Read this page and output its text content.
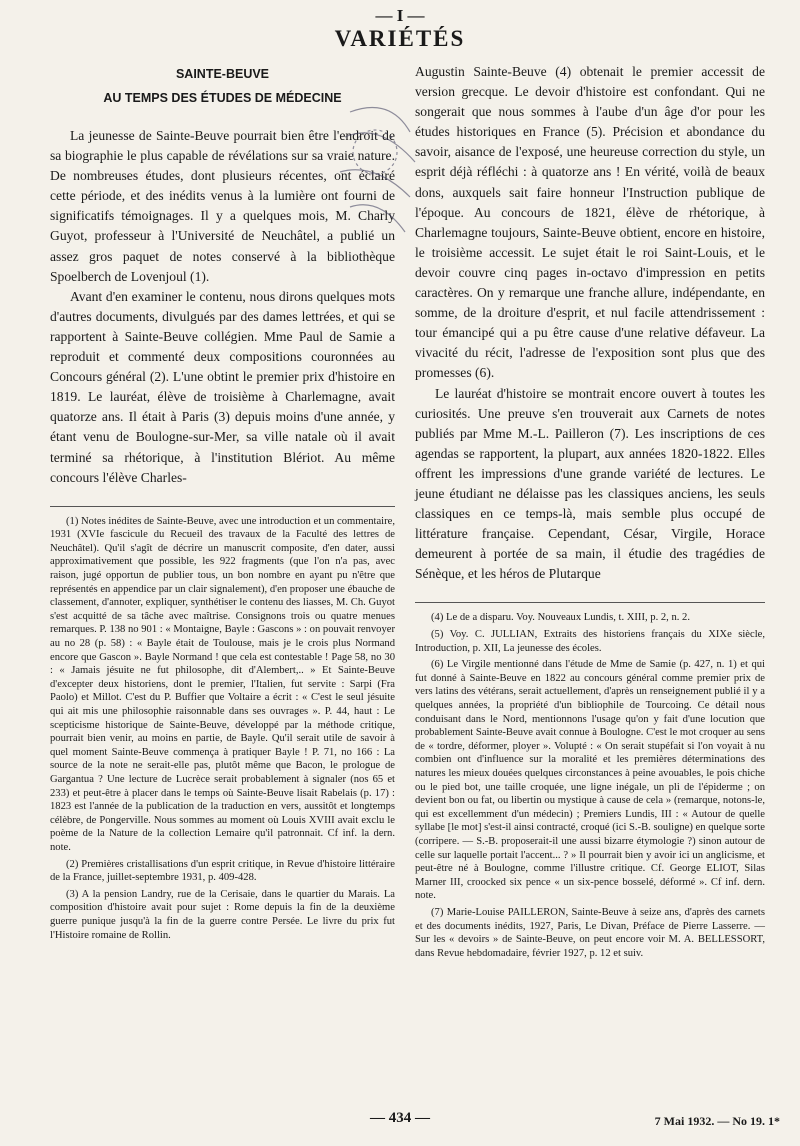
— I —
VARIÉTÉS
SAINTE-BEUVE
AU TEMPS DES ÉTUDES DE MÉDECINE

La jeunesse de Sainte-Beuve pourrait bien être l'endroit de sa biographie le plus capable de révélations sur sa vraie nature. De nombreuses études, dont plusieurs récentes, ont éclairé cette période, et des inédits venus à la lumière ont fourni de significatifs témoignages. Il y a quelques mois, M. Charly Guyot, professeur à l'Université de Neuchâtel, a publié un assez gros paquet de notes conservé à la bibliothèque Spoelberch de Lovenjoul (1).

Avant d'en examiner le contenu, nous dirons quelques mots d'autres documents, divulgués par des dames lettrées, et qui se rapportent à Sainte-Beuve collégien. Mme Paul de Samie a reproduit et commenté deux compositions couronnées au Concours général (2). L'une obtint le premier prix d'histoire en 1819. Le lauréat, élève de troisième à Charlemagne, avait quatorze ans. Il était à Paris (3) depuis moins d'une année, y étant venu de Boulogne-sur-Mer, sa ville natale où il avait terminé sa rhétorique, à l'institution Blériot. Au même concours l'élève Charles-

(1) Notes inédites de Sainte-Beuve, avec une introduction et un commentaire, 1931 (XVIe fascicule du Recueil des travaux de la Faculté des lettres de Neuchâtel). Qu'il s'agît de décrire un manuscrit composite, d'en dater, aussi approximativement que possible, les 922 fragments (que l'on n'a pas, avec raison, jugé opportun de publier tous, un bon nombre en ayant pu n'être que représentés en appendice par un clair signalement), d'en proposer une ébauche de classement, d'annoter, expliquer, synthétiser le contenu des liasses, M. Ch. Guyot s'est acquitté de sa tâche avec maîtrise. Consignons trois ou quatre menues remarques. P. 138 no 901 : « Montaigne, Bayle : Gascons » : on pouvait renvoyer au no 28 (p. 58) : « Bayle était de Toulouse, mais je le crois plus Normand encore que Gascon ». Bayle Normand ! que cela est contestable ! Page 58, no 30 : « Jamais jésuite ne fut philosophe, dit d'Alembert,.. » Et Sainte-Beuve d'excepter deux historiens, dont le premier, l'Italien, fut servite : Sarpi (Fra Paolo) et Millot. C'est du P. Buffier que Voltaire a écrit : « C'est le seul jésuite qui ait mis une philosophie raisonnable dans ses ouvrages ». P. 44, haut : Le scepticisme historique de Sainte-Beuve, développé par la méthode critique, pourrait bien venir, au moins en partie, de Bayle. Qu'il serait utile de savoir à quel moment Sainte-Beuve commença à pratiquer Bayle ! P. 71, no 166 : La source de la note ne serait-elle pas, plutôt même que Bacon, le prologue de Gargantua ? Une lecture de Lucrèce serait probablement à signaler (nos 65 et 233) et peut-être à placer dans le temps où Sainte-Beuve lisait Rabelais (p. 17) : 1823 est l'année de la publication de la traduction en vers, aussitôt et longtemps célèbre, de Pongerville. Nous sommes au moment où Louis XVIII avait exclu le poème de la Nature de la collection Lemaire qu'il patronnait. Cf inf. la dern. note.

(2) Premières cristallisations d'un esprit critique, in Revue d'histoire littéraire de la France, juillet-septembre 1931, p. 409-428.

(3) A la pension Landry, rue de la Cerisaie, dans le quartier du Marais. La composition d'histoire avait pour sujet : Rome depuis la fin de la deuxième guerre punique jusqu'à la fin de la guerre contre Persée. Le livre du prix fut l'Histoire romaine de Rollin.

Augustin Sainte-Beuve (4) obtenait le premier accessit de version grecque. Le devoir d'histoire est confondant. Qui ne songerait que nous sommes à l'aube d'un âge d'or pour les études historiques en France (5). Précision et abondance du savoir, aisance de l'exposé, une heureuse correction du style, un esprit déjà réfléchi : à quatorze ans ! En vérité, voilà de beaux dons, auxquels sait faire honneur l'Instruction publique de l'époque. Au concours de 1821, élève de rhétorique, à Charlemagne toujours, Sainte-Beuve obtient, encore en histoire, le troisième accessit. Le sujet était le roi Saint-Louis, et le devoir couvre cinq pages in-octavo d'impression en petits caractères. On y remarque une franche allure, indépendante, en somme, de la droiture d'esprit, et nul facile attendrissement : tour émancipé qui a pu être cause d'une relative défaveur. La vivacité du récit, l'adresse de l'exposition sont plus que des promesses (6).

Le lauréat d'histoire se montrait encore ouvert à toutes les curiosités. Une preuve s'en trouverait aux Carnets de notes publiés par Mme M.-L. Pailleron (7). Les inscriptions de ces agendas se rapportent, la plupart, aux années 1820-1822. Elles offrent les impressions d'une grande variété de lectures. Le jeune étudiant ne délaisse pas les classiques anciens, les seuls classiques en ce temps-là, mais semble plus occupé de littérature française. Cependant, César, Virgile, Horace demeurent à portée de sa main, il étudie des tragédies de Sénèque, et les héros de Plutarque

(4) Le de a disparu. Voy. Nouveaux Lundis, t. XIII, p. 2, n. 2.

(5) Voy. C. JULLIAN, Extraits des historiens français du XIXe siècle, Introduction, p. XII, La jeunesse des écoles.

(6) Le Virgile mentionné dans l'étude de Mme de Samie (p. 427, n. 1) et qui fut donné à Sainte-Beuve en 1822 au concours général comme premier prix de vers latins des vétérans, serait actuellement, d'après un renseignement publié il y a quelques années, la propriété d'un bibliophile de Tourcoing. Ce détail nous conduisant dans le Nord, mentionnons l'usage qu'on y fait d'une locution que probablement Sainte-Beuve avait connue à Boulogne. C'est le mot croquer au sens de « tordre, déformer, ployer ». Volupté : « On serait stupéfait si l'on voyait à nu combien ont d'influence sur la moralité et les premières déterminations des natures les mieux douées quelques circonstances à peine avouables, le pois chiche ou le pied bot, une taille croquée, une ligne inégale, un pli de l'épiderme ; on devient bon ou fat, ou libertin ou mystique à cause de cela » (remarque, notons-le, qui est excellemment d'un médecin) ; Premiers Lundis, III : « Autour de quelle syllabe [le mot] s'est-il ainsi contracté, croqué (ici S.-B. souligne) en quelque sorte (corripere. — S.-B. proposerait-il une aussi bizarre étymologie ?) sinon autour de celle sur laquelle portait l'accent... ? » Il pourrait bien y avoir ici un anglicisme, et peut-être né à Boulogne, comme l'illustre critique. Cf. George ELIOT, Silas Marner III, croocked six pence « un six-pence bosselé, déformé ». Cf inf. dern. note.

(7) Marie-Louise PAILLERON, Sainte-Beuve à seize ans, d'après des carnets et des documents inédits, 1927, Paris, Le Divan, Préface de Pierre Lasserre. — Sur les « devoirs » de Sainte-Beuve, on peut encore voir M. A. BELLESSORT, dans Revue hebdomadaire, février 1927, p. 12 et suiv.

— 434 —	7 Mai 1932. — No 19. 1*
